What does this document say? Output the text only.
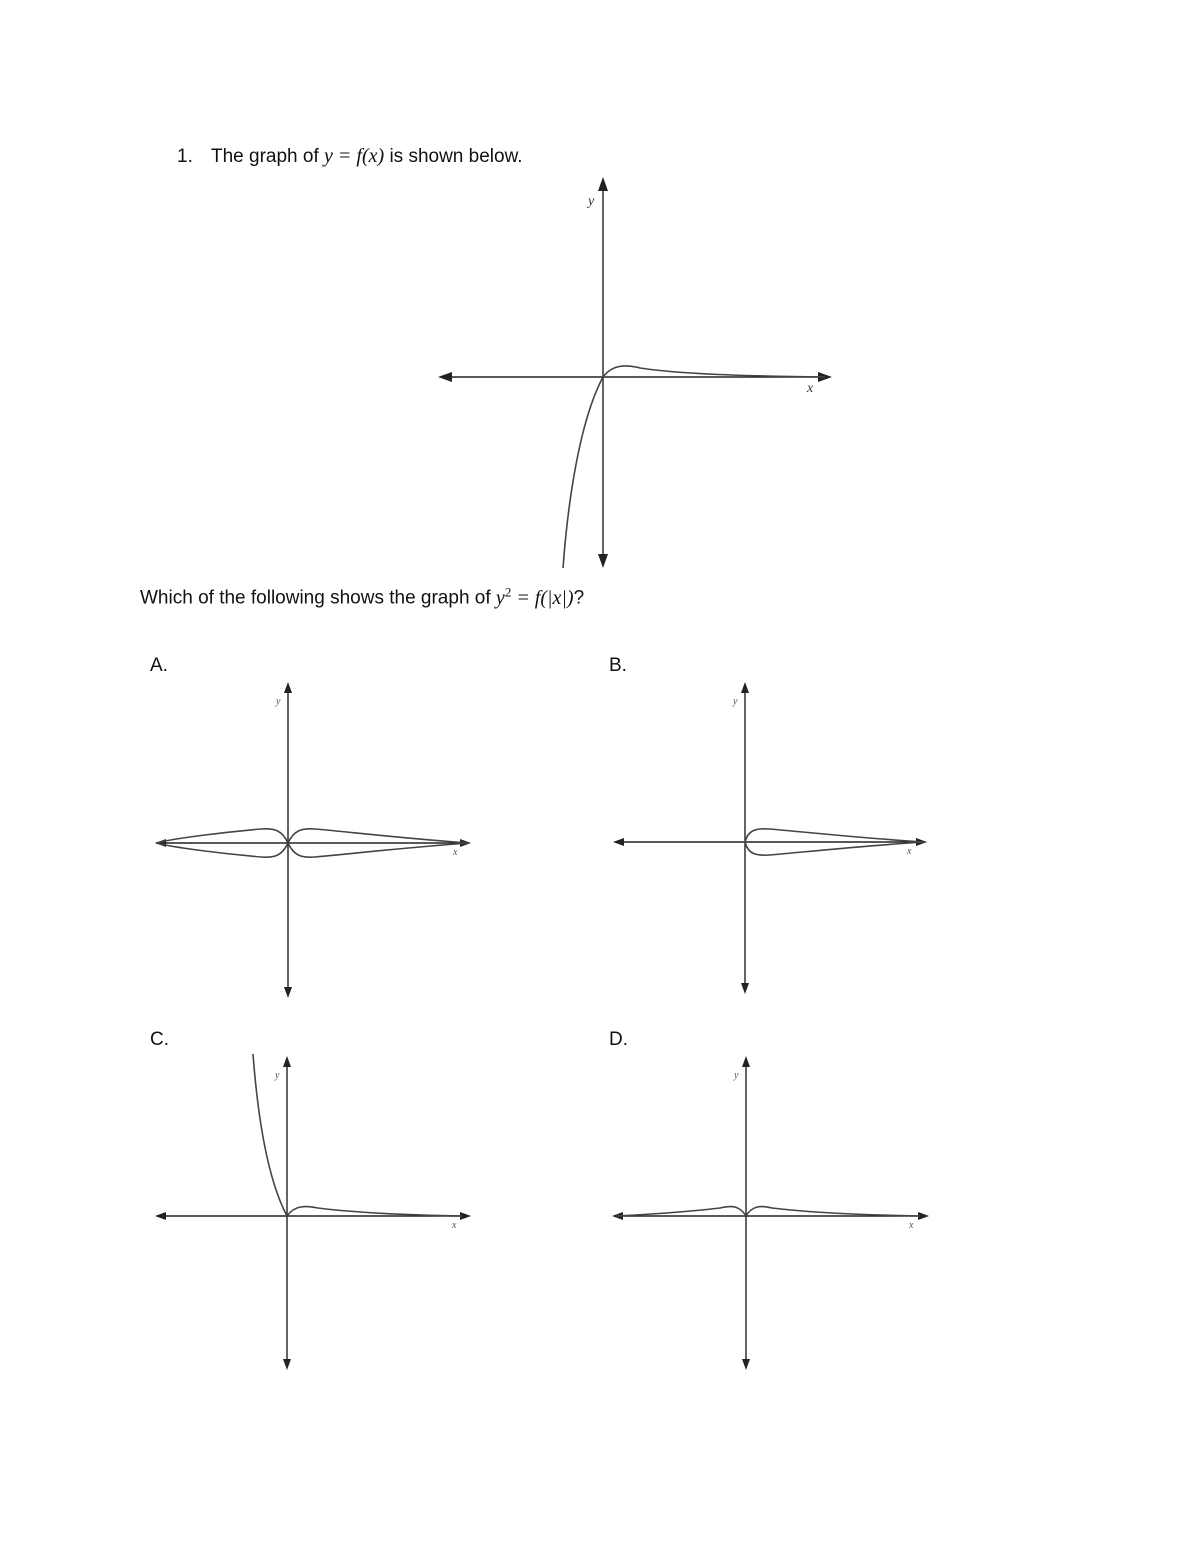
1. The graph of y = f(x) is shown below.
y
x
Which of the following shows the graph of $y^2 = f(|x|)$?
A.	B.
C.	D.
y
x
y
x
y
x
y
x
